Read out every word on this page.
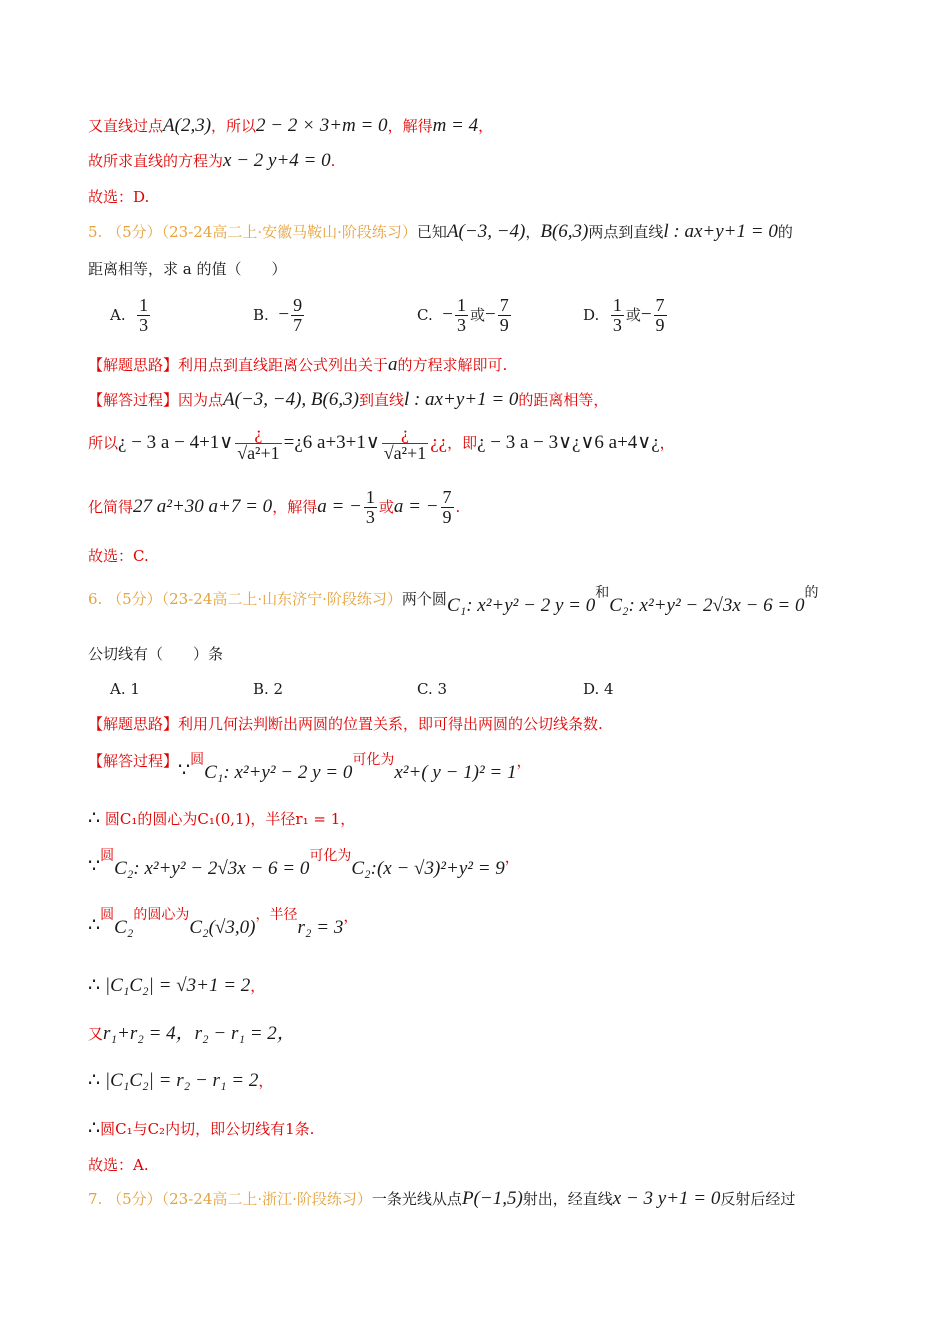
又直线过点A(2,3)，所以2 − 2 × 3+m = 0，解得m = 4，
故所求直线的方程为x − 2 y+4 = 0.
故选：D.
5. （5分）（23-24高二上·安徽马鞍山·阶段练习）已知A(−3, −4)，B(6,3)两点到直线l : ax+y+1 = 0的
距离相等，求 a 的值（　　）
A. $\frac{1}{3}$	B. − $\frac{9}{7}$	C. − $\frac{1}{3}$ 或− $\frac{7}{9}$	D. $\frac{1}{3}$ 或− $\frac{7}{9}$
【解题思路】利用点到直线距离公式列出关于a的方程求解即可.
【解答过程】因为点A(−3, −4), B(6,3)到直线l : ax+y+1 = 0的距离相等，
所以¿ − 3 a − 4+1∨ $\frac{¿}{\text{√a²+1}}$ =¿6 a+3+1∨ $\frac{¿}{\text{√a²+1}}$ ¿¿，即¿ − 3 a − 3∨¿∨6 a+4∨¿，
化简得27 a²+30 a+7 = 0，解得a = − $\frac{1}{3}$ 或a = − $\frac{7}{9}$ .
故选：C.
6. （5分）（23-24高二上·山东济宁·阶段练习）两个圆C₁: x²+y² − 2 y = 0和C₂: x²+y² − 2√3x − 6 = 0的
公切线有（　　）条
A. 1	B. 2	C. 3	D. 4
【解题思路】利用几何法判断出两圆的位置关系，即可得出两圆的公切线条数.
【解答过程】∵圆C₁: x²+y² − 2 y = 0可化为x²+( y − 1)² = 1，
∴ 圆C₁的圆心为C₁(0,1)，半径r₁ = 1，
∵圆C₂: x²+y² − 2√3x − 6 = 0可化为C₂:(x − √3)²+y² = 9，
∴圆C₂的圆心为C₂(√3,0)，半径r₂ = 3，
∴ |C₁C₂| = √3+1 = 2，
又r₁+r₂ = 4，r₂ − r₁ = 2，
∴ |C₁C₂| = r₂ − r₁ = 2，
∴圆C₁与C₂内切，即公切线有1条.
故选：A.
7. （5分）（23-24高二上·浙江·阶段练习）一条光线从点P(−1,5)射出，经直线x − 3 y+1 = 0反射后经过
